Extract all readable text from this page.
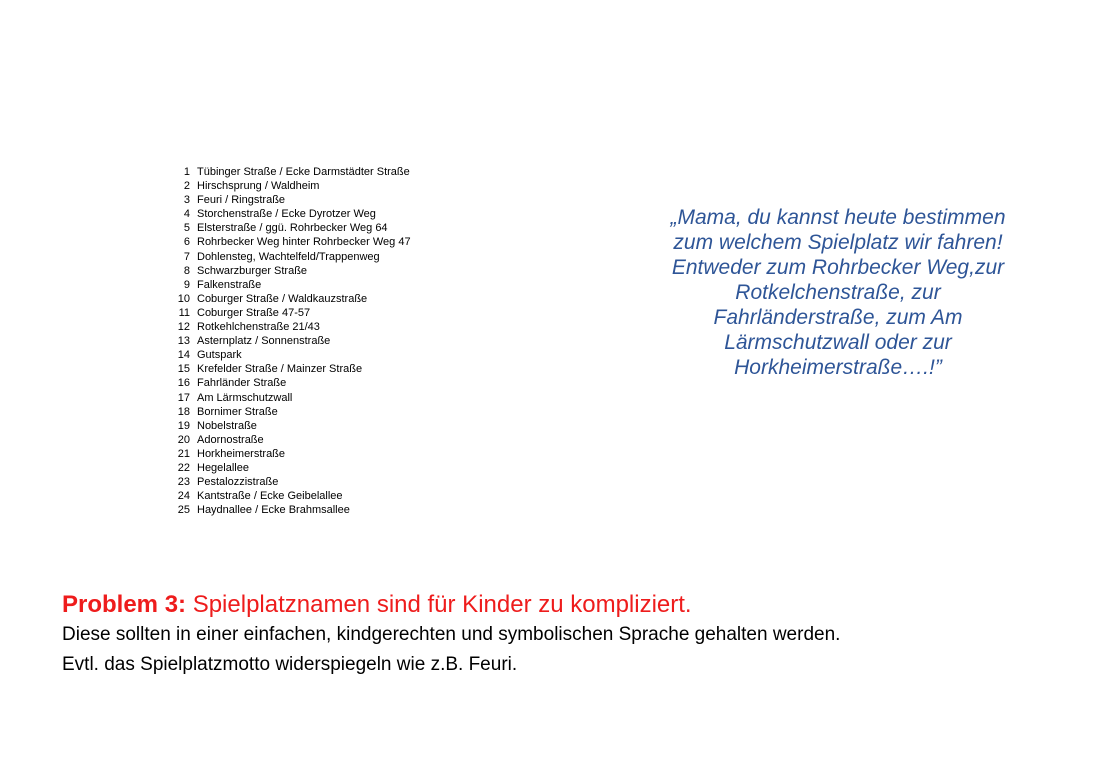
1 Tübinger Straße / Ecke Darmstädter Straße
2 Hirschsprung / Waldheim
3 Feuri / Ringstraße
4 Storchenstraße / Ecke Dyrotzer Weg
5 Elsterstraße / ggü. Rohrbecker Weg 64
6 Rohrbecker Weg hinter Rohrbecker Weg 47
7 Dohlensteg, Wachtelfeld/Trappenweg
8 Schwarzburger Straße
9 Falkenstraße
10 Coburger Straße / Waldkauzstraße
11 Coburger Straße 47-57
12 Rotkehlchenstraße 21/43
13 Asternplatz / Sonnenstraße
14 Gutspark
15 Krefelder Straße / Mainzer Straße
16 Fahrländer Straße
17 Am Lärmschutzwall
18 Bornimer Straße
19 Nobelstraße
20 Adornostraße
21 Horkheimerstraße
22 Hegelallee
23 Pestalozzistraße
24 Kantstraße / Ecke Geibelallee
25 Haydnallee / Ecke Brahmsallee
„Mama, du kannst heute bestimmen
zum welchem Spielplatz wir fahren!
Entweder zum Rohrbecker Weg,zur
Rotkelchenstraße, zur
Fahrländerstraße, zum Am
Lärmschutzwall oder zur
Horkheimerstraße….!”
Problem 3: Spielplatznamen sind für Kinder zu kompliziert.
Diese sollten in einer einfachen, kindgerechten und symbolischen Sprache gehalten werden.
Evtl. das Spielplatzmotto widerspiegeln wie z.B. Feuri.
